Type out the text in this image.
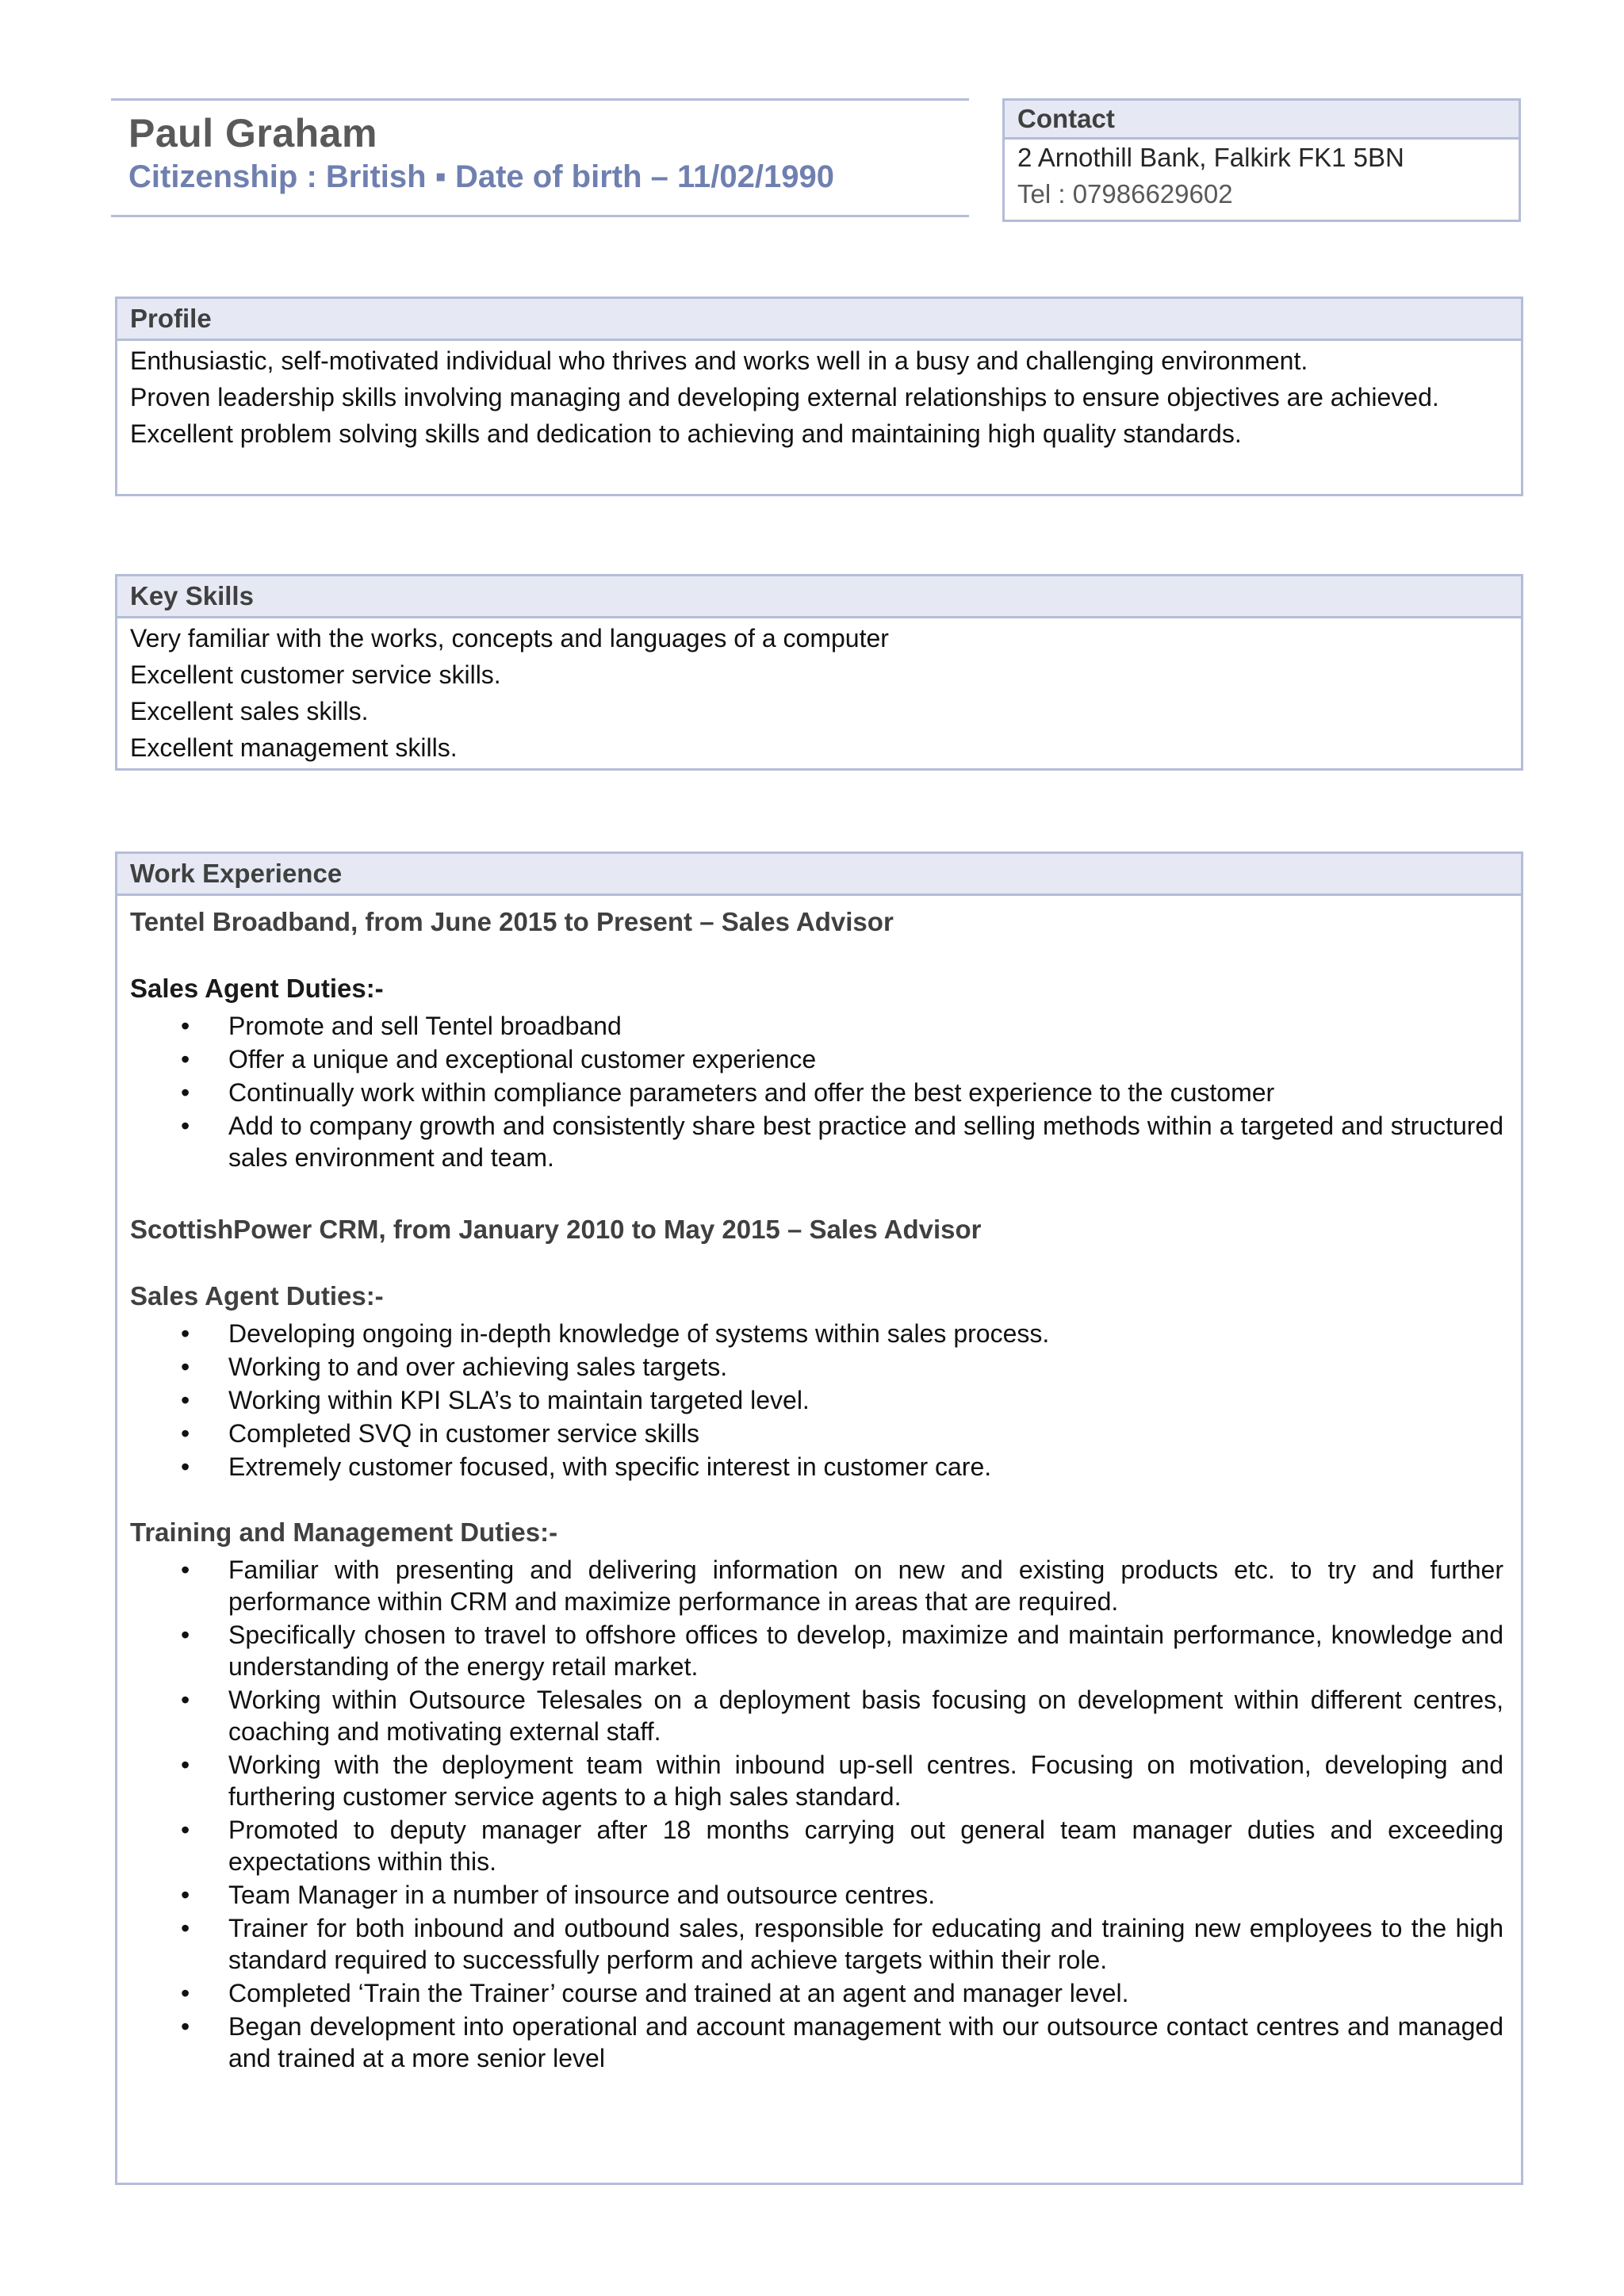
Paul Graham
Citizenship : British ▪ Date of birth – 11/02/1990
Contact
2 Arnothill Bank, Falkirk FK1 5BN
Tel : 07986629602
Profile

Enthusiastic, self-motivated individual who thrives and works well in a busy and challenging environment.

Proven leadership skills involving managing and developing external relationships to ensure objectives are achieved.

Excellent problem solving skills and dedication to achieving and maintaining high quality standards.

Key Skills

Very familiar with the works, concepts and languages of a computer

Excellent customer service skills.

Excellent sales skills.

Excellent management skills.

Work Experience
Tentel Broadband, from June 2015 to Present – Sales Advisor
Sales Agent Duties:-
• Promote and sell Tentel broadband
• Offer a unique and exceptional customer experience
• Continually work within compliance parameters and offer the best experience to the customer
• Add to company growth and consistently share best practice and selling methods within a targeted and structured sales environment and team.
ScottishPower CRM, from January 2010 to May 2015 – Sales Advisor
Sales Agent Duties:-
• Developing ongoing in-depth knowledge of systems within sales process.
• Working to and over achieving sales targets.
• Working within KPI SLA’s to maintain targeted level.
• Completed SVQ in customer service skills
• Extremely customer focused, with specific interest in customer care.
Training and Management Duties:-
• Familiar with presenting and delivering information on new and existing products etc. to try and further performance within CRM and maximize performance in areas that are required.
• Specifically chosen to travel to offshore offices to develop, maximize and maintain performance, knowledge and understanding of the energy retail market.
• Working within Outsource Telesales on a deployment basis focusing on development within different centres, coaching and motivating external staff.
• Working with the deployment team within inbound up-sell centres. Focusing on motivation, developing and furthering customer service agents to a high sales standard.
• Promoted to deputy manager after 18 months carrying out general team manager duties and exceeding expectations within this.
• Team Manager in a number of insource and outsource centres.
• Trainer for both inbound and outbound sales, responsible for educating and training new employees to the high standard required to successfully perform and achieve targets within their role.
• Completed ‘Train the Trainer’ course and trained at an agent and manager level.
• Began development into operational and account management with our outsource contact centres and managed and trained at a more senior level
